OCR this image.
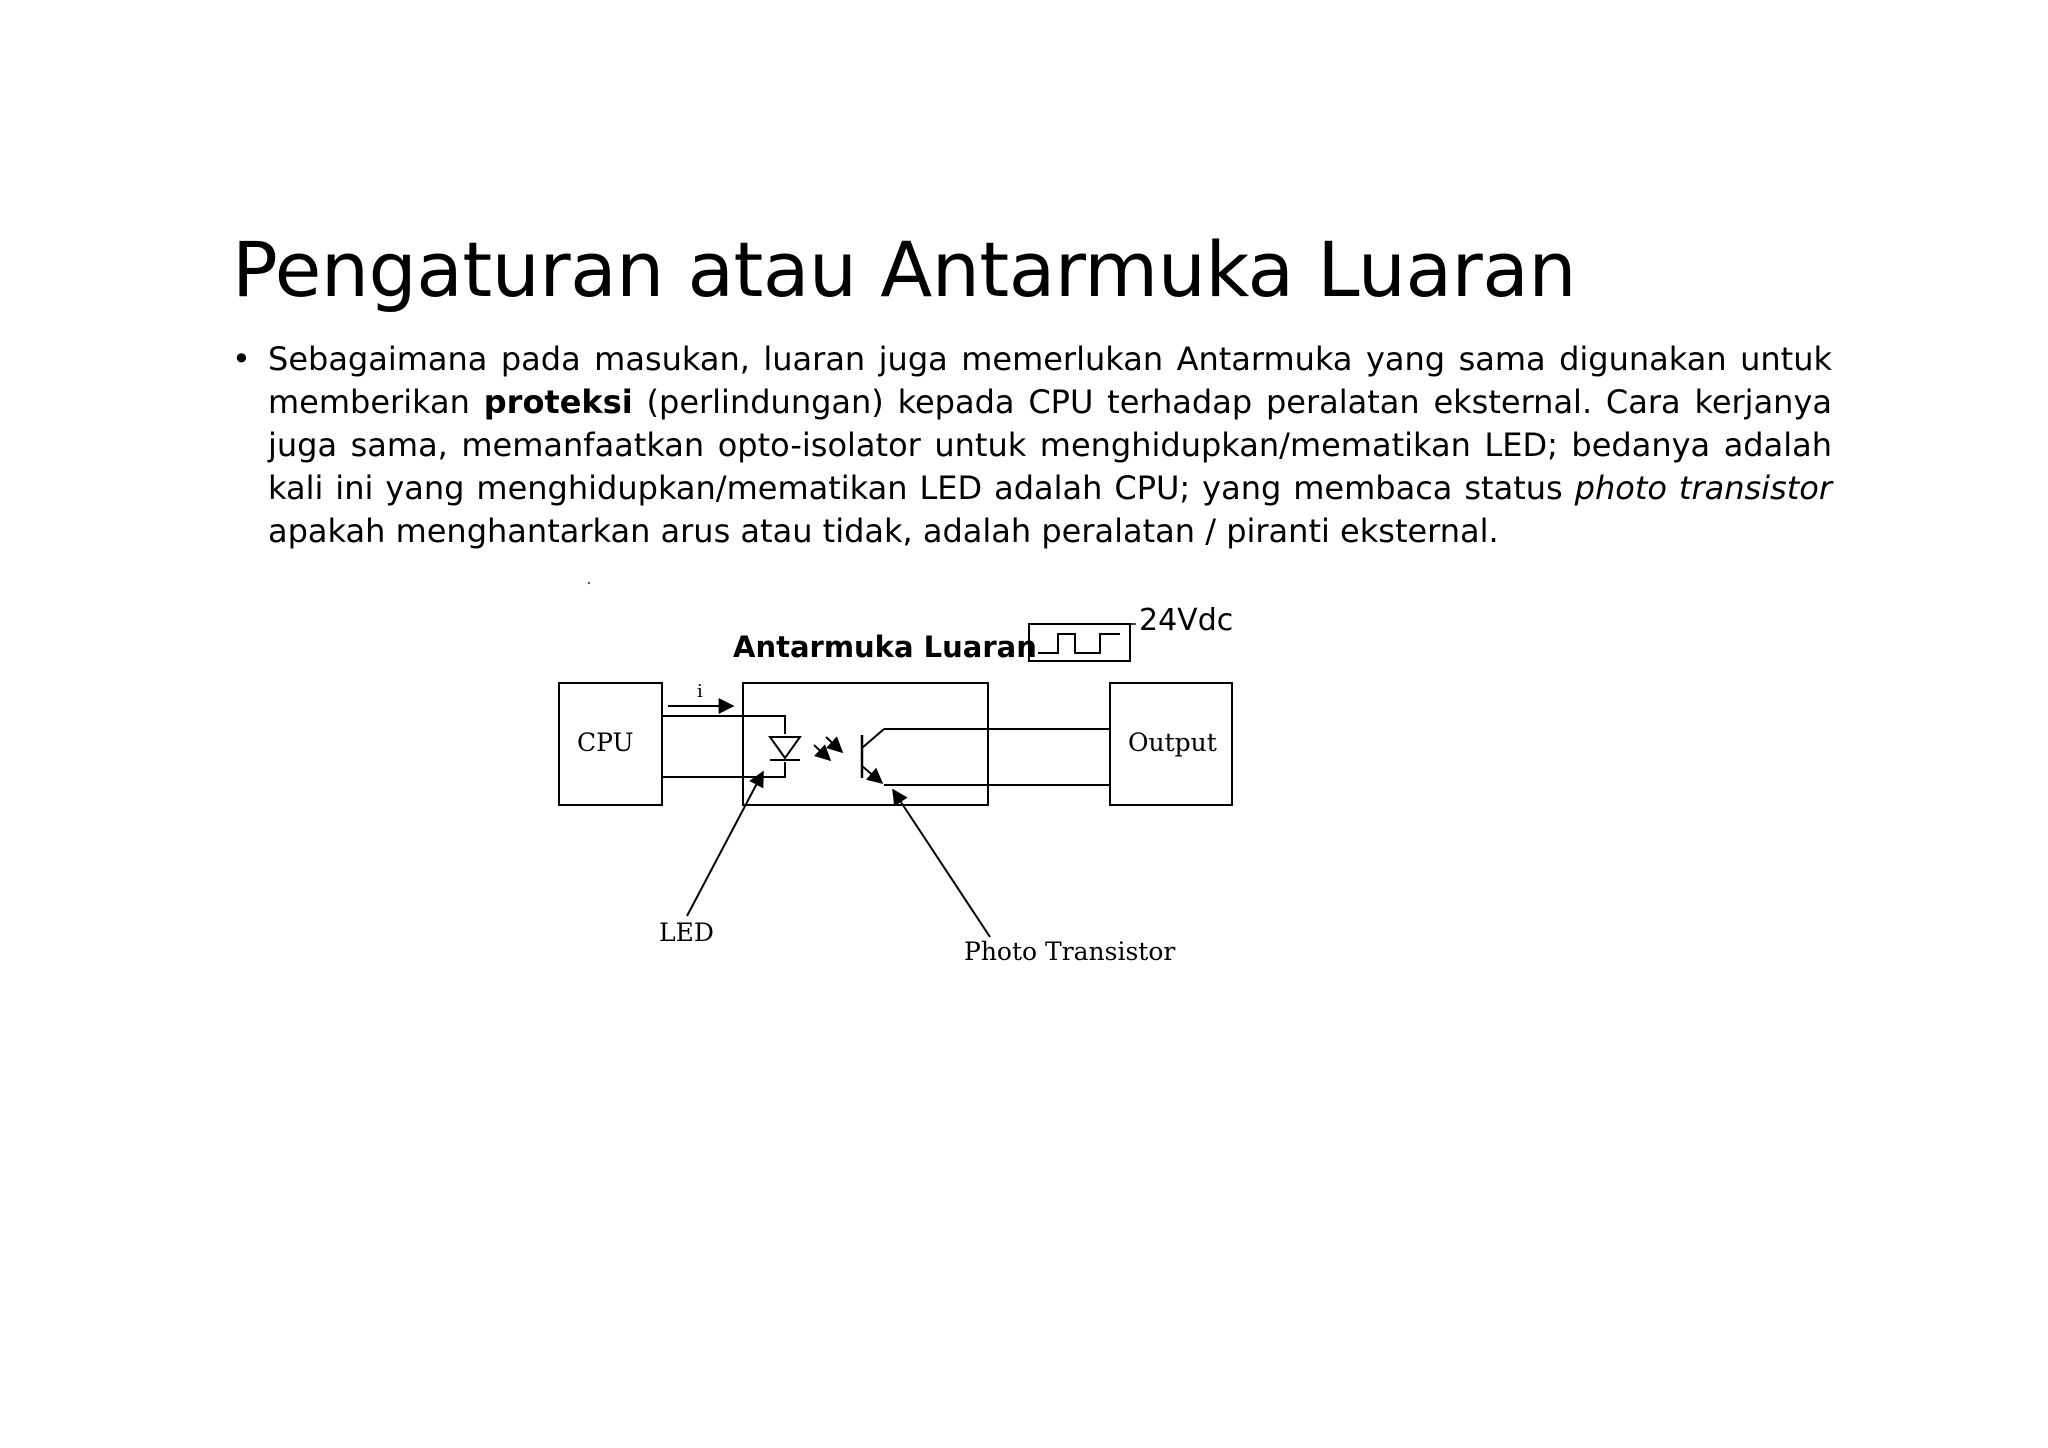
Pengaturan atau Antarmuka Luaran
• Sebagaimana pada masukan, luaran juga memerlukan Antarmuka yang sama digunakan untuk memberikan proteksi (perlindungan) kepada CPU terhadap peralatan eksternal. Cara kerjanya juga sama, memanfaatkan opto-isolator untuk menghidupkan/mematikan LED; bedanya adalah kali ini yang menghidupkan/mematikan LED adalah CPU; yang membaca status photo transistor apakah menghantarkan arus atau tidak, adalah peralatan / piranti eksternal.
Antarmuka Luaran
24Vdc
CPU	Output
i
LED
Photo Transistor
